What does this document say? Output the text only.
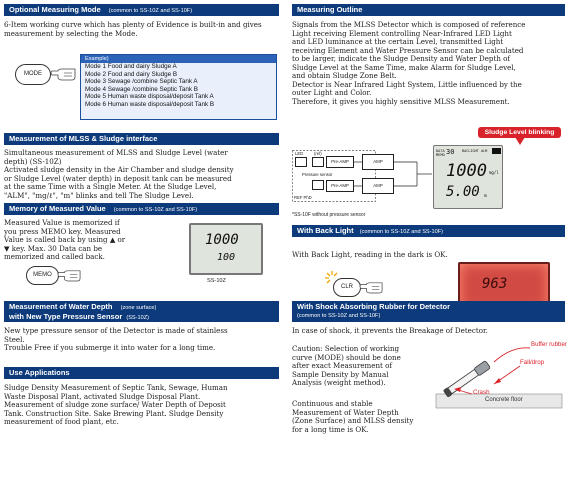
Optional Measuring Mode (common to SS-10Z and SS-10F)
6-Item working curve which has plenty of Evidence is built-in and gives measurement by selecting the Mode.
MODE
Example)
Mode 1 Food and dairy Sludge A
Mode 2 Food and dairy Sludge B
Mode 3 Sewage /combine Septic Tank A
Mode 4 Sewage /combine Septic Tank B
Mode 5 Human waste disposal/deposit Tank A
Mode 6 Human waste disposal/deposit Tank B
Measurement of MLSS & Sludge interface

Simultaneous measurement of MLSS and Sludge Level (water

depth) (SS-10Z)

Activated sludge density in the Air Chamber and sludge density

or Sludge Level (water depth) in deposit tank can be measured

at the same Time with a Single Meter. At the Sludge Level,

"ALM", "mg/ℓ", "m" blinks and tell The Sludge Level.

Memory of Measured Value (common to SS-10Z and SS-10F)

Measured Value is memorized if

you press MEMO key. Measured

Value is called back by using ▲ or

▼ key. Max. 30 Data can be

memorized and called back.

MEMO
1000
100
SS-10Z
Measurement of Water Depth (zone surface)
with New Type Pressure Sensor (SS-10Z)

New type pressure sensor of the Detector is made of stainless

Steel.

Trouble Free if you submerge it into water for a long time.

Use Applications

Sludge Density Measurement of Septic Tank, Sewage, Human

Waste Disposal Plant, activated Sludge Disposal Plant.

Measurement of sludge zone surface/ Water Depth of Deposit

Tank. Construction Site. Sake Brewing Plant. Sludge Density

measurement of food plant, etc.

Measuring Outline

Signals from the MLSS Detector which is composed of reference

Light receiving Element controlling Near-Infrared LED Light

and LED luminance at the certain Level, transmitted Light

receiving Element and Water Pressure Sensor can be calculated

to be larger, indicate the Sludge Density and Water Depth of

Sludge Level at the Same Time, make Alarm for Sludge Level,

and obtain Sludge Zone Belt.

Detector is Near Infrared Light System, Little influenced by the

outer Light and Color.

Therefore, it gives you highly sensitive MLSS Measurement.

Sludge Level blinking
LED	(ref)
Pre-AMP	AMP
Pressure sensor
Pre-AMP	AMP
REF PhD
DATA
MEMO 30 BACLIGHT ALM
1000 mg/l
5.00 m
*SS-10F without pressure sensor
With Back Light (common to SS-10Z and SS-10F)
With Back Light, reading in the dark is OK.
CLR	963
With Shock Absorbing Rubber for Detector
(common to SS-10Z and SS-10F)
In case of shock, it prevents the Breakage of Detector.

Caution: Selection of working

curve (MODE) should be done

after exact Measurement of

Sample Density by Manual

Analysis (weight method).

Continuous and stable

Measurement of Water Depth

(Zone Surface) and MLSS density

for a long time is OK.

Buffer rubber
Fall/drop
Crash
Concrete floor
